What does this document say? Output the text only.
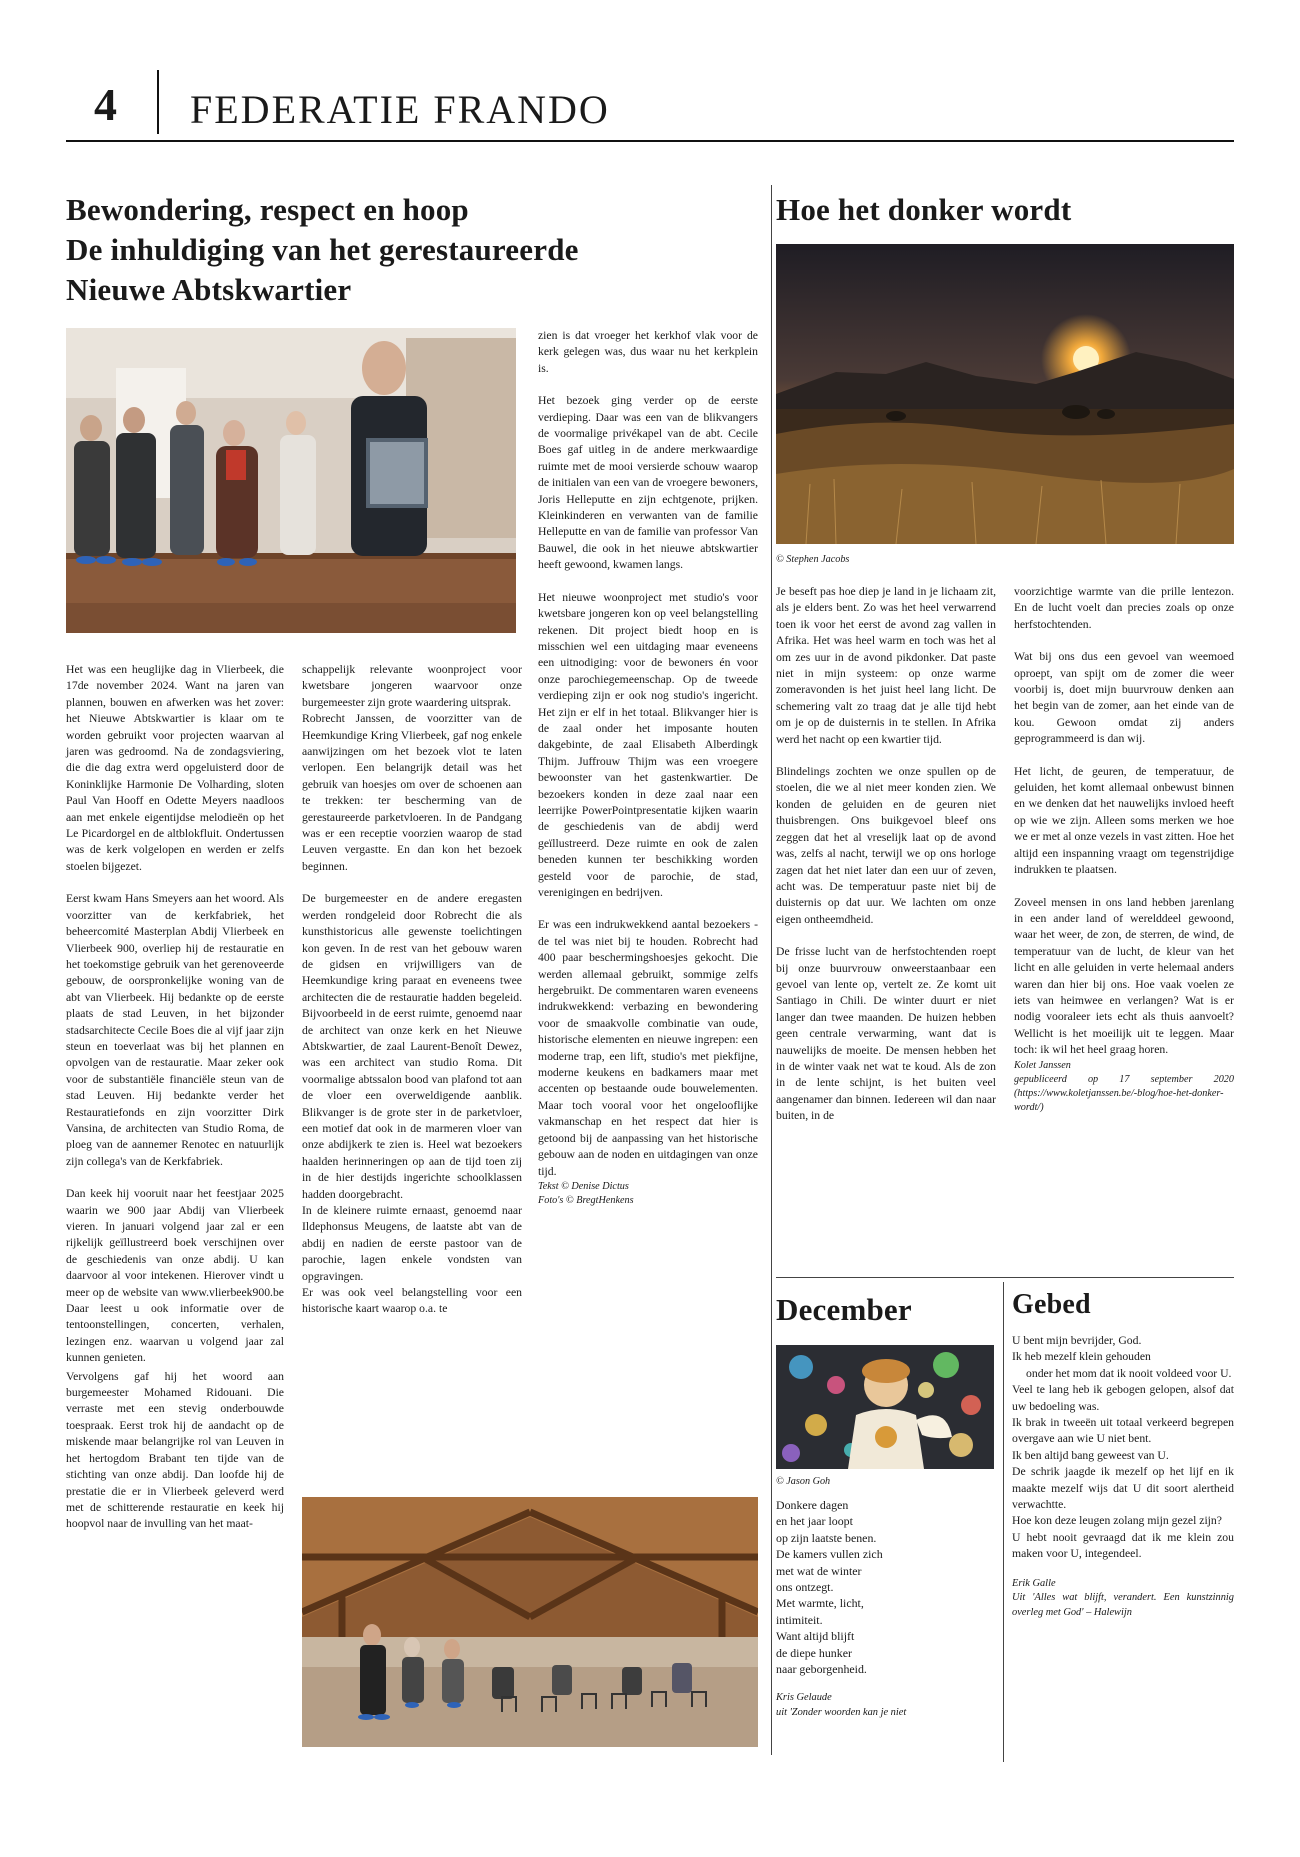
4 FEDERATIE FRANDO
Bewondering, respect en hoop
De inhuldiging van het gerestaureerde
Nieuwe Abtskwartier

Het was een heuglijke dag in Vlierbeek, die 17de november 2024. Want na jaren van plannen, bouwen en afwerken was het zover: het Nieuwe Abtskwartier is klaar om te worden gebruikt voor projecten waarvan al jaren was gedroomd. Na de zondagsviering, die die dag extra werd opgeluisterd door de Koninklijke Harmonie De Volharding, sloten Paul Van Hooff en Odette Meyers naadloos aan met enkele eigentijdse melodieën op het Le Picardorgel en de altblokfluit. Ondertussen was de kerk volgelopen en werden er zelfs stoelen bijgezet.

Eerst kwam Hans Smeyers aan het woord. Als voorzitter van de kerkfabriek, het beheercomité Masterplan Abdij Vlierbeek en Vlierbeek 900, overliep hij de restauratie en het toekomstige gebruik van het gerenoveerde gebouw, de oorspronkelijke woning van de abt van Vlierbeek. Hij bedankte op de eerste plaats de stad Leuven, in het bijzonder stadsarchitecte Cecile Boes die al vijf jaar zijn steun en toeverlaat was bij het plannen en opvolgen van de restauratie. Maar zeker ook voor de substantiële financiële steun van de stad Leuven. Hij bedankte verder het Restauratiefonds en zijn voorzitter Dirk Vansina, de architecten van Studio Roma, de ploeg van de aannemer Renotec en natuurlijk zijn collega's van de Kerkfabriek.

Dan keek hij vooruit naar het feestjaar 2025 waarin we 900 jaar Abdij van Vlierbeek vieren. In januari volgend jaar zal er een rijkelijk geïllustreerd boek verschijnen over de geschiedenis van onze abdij. U kan daarvoor al voor intekenen. Hierover vindt u meer op de website van www.vlierbeek900.be Daar leest u ook informatie over de tentoonstellingen, concerten, verhalen, lezingen enz. waarvan u volgend jaar zal kunnen genieten.

Vervolgens gaf hij het woord aan burgemeester Mohamed Ridouani. Die verraste met een stevig onderbouwde toespraak. Eerst trok hij de aandacht op de miskende maar belangrijke rol van Leuven in het hertogdom Brabant ten tijde van de stichting van onze abdij. Dan loofde hij de prestatie die er in Vlierbeek geleverd werd met de schitterende restauratie en keek hij hoopvol naar de invulling van het maat-

schappelijk relevante woonproject voor kwetsbare jongeren waarvoor onze burgemeester zijn grote waardering uitsprak.

Robrecht Janssen, de voorzitter van de Heemkundige Kring Vlierbeek, gaf nog enkele aanwijzingen om het bezoek vlot te laten verlopen. Een belangrijk detail was het gebruik van hoesjes om over de schoenen aan te trekken: ter bescherming van de gerestaureerde parketvloeren. In de Pandgang was er een receptie voorzien waarop de stad Leuven vergastte. En dan kon het bezoek beginnen.

De burgemeester en de andere eregasten werden rondgeleid door Robrecht die als kunsthistoricus alle gewenste toelichtingen kon geven. In de rest van het gebouw waren de gidsen en vrijwilligers van de Heemkundige kring paraat en eveneens twee architecten die de restauratie hadden begeleid. Bijvoorbeeld in de eerst ruimte, genoemd naar de architect van onze kerk en het Nieuwe Abtskwartier, de zaal Laurent-Benoît Dewez, was een architect van studio Roma. Dit voormalige abtssalon bood van plafond tot aan de vloer een overweldigende aanblik. Blikvanger is de grote ster in de parketvloer, een motief dat ook in de marmeren vloer van onze abdijkerk te zien is. Heel wat bezoekers haalden herinneringen op aan de tijd toen zij in de hier destijds ingerichte schoolklassen hadden doorgebracht.

In de kleinere ruimte ernaast, genoemd naar Ildephonsus Meugens, de laatste abt van de abdij en nadien de eerste pastoor van de parochie, lagen enkele vondsten van opgravingen.

Er was ook veel belangstelling voor een historische kaart waarop o.a. te

zien is dat vroeger het kerkhof vlak voor de kerk gelegen was, dus waar nu het kerkplein is.

Het bezoek ging verder op de eerste verdieping. Daar was een van de blikvangers de voormalige privékapel van de abt. Cecile Boes gaf uitleg in de andere merkwaardige ruimte met de mooi versierde schouw waarop de initialen van een van de vroegere bewoners, Joris Helleputte en zijn echtgenote, prijken. Kleinkinderen en verwanten van de familie Helleputte en van de familie van professor Van Bauwel, die ook in het nieuwe abtskwartier heeft gewoond, kwamen langs.

Het nieuwe woonproject met studio's voor kwetsbare jongeren kon op veel belangstelling rekenen. Dit project biedt hoop en is misschien wel een uitdaging maar eveneens een uitnodiging: voor de bewoners én voor onze parochiegemeenschap. Op de tweede verdieping zijn er ook nog studio's ingericht. Het zijn er elf in het totaal. Blikvanger hier is de zaal onder het imposante houten dakgebinte, de zaal Elisabeth Alberdingk Thijm. Juffrouw Thijm was een vroegere bewoonster van het gastenkwartier. De bezoekers konden in deze zaal naar een leerrijke PowerPointpresentatie kijken waarin de geschiedenis van de abdij werd geïllustreerd. Deze ruimte en ook de zalen beneden kunnen ter beschikking worden gesteld voor de parochie, de stad, verenigingen en bedrijven.

Er was een indrukwekkend aantal bezoekers - de tel was niet bij te houden. Robrecht had 400 paar beschermingshoesjes gekocht. Die werden allemaal gebruikt, sommige zelfs hergebruikt. De commentaren waren eveneens indrukwekkend: verbazing en bewondering voor de smaakvolle combinatie van oude, historische elementen en nieuwe ingrepen: een moderne trap, een lift, studio's met piekfijne, moderne keukens en badkamers maar met accenten op bestaande oude bouwelementen. Maar toch vooral voor het ongelooflijke vakmanschap en het respect dat hier is getoond bij de aanpassing van het historische gebouw aan de noden en uitdagingen van onze tijd.

Tekst © Denise Dictus
Foto's © BregtHenkens
Hoe het donker wordt
© Stephen Jacobs

Je beseft pas hoe diep je land in je lichaam zit, als je elders bent. Zo was het heel verwarrend toen ik voor het eerst de avond zag vallen in Afrika. Het was heel warm en toch was het al om zes uur in de avond pikdonker. Dat paste niet in mijn systeem: op onze warme zomeravonden is het juist heel lang licht. De schemering valt zo traag dat je alle tijd hebt om je op de duisternis in te stellen. In Afrika werd het nacht op een kwartier tijd.

Blindelings zochten we onze spullen op de stoelen, die we al niet meer konden zien. We konden de geluiden en de geuren niet thuisbrengen. Ons buikgevoel bleef ons zeggen dat het al vreselijk laat op de avond was, zelfs al nacht, terwijl we op ons horloge zagen dat het niet later dan een uur of zeven, acht was. De temperatuur paste niet bij de duisternis op dat uur. We lachten om onze eigen ontheemdheid.

De frisse lucht van de herfstochtenden roept bij onze buurvrouw onweerstaanbaar een gevoel van lente op, vertelt ze. Ze komt uit Santiago in Chili. De winter duurt er niet langer dan twee maanden. De huizen hebben geen centrale verwarming, want dat is nauwelijks de moeite. De mensen hebben het in de winter vaak net wat te koud. Als de zon in de lente schijnt, is het buiten veel aangenamer dan binnen. Iedereen wil dan naar buiten, in de

voorzichtige warmte van die prille lentezon. En de lucht voelt dan precies zoals op onze herfstochtenden.

Wat bij ons dus een gevoel van weemoed oproept, van spijt om de zomer die weer voorbij is, doet mijn buurvrouw denken aan het begin van de zomer, aan het einde van de kou. Gewoon omdat zij anders geprogrammeerd is dan wij.

Het licht, de geuren, de temperatuur, de geluiden, het komt allemaal onbewust binnen en we denken dat het nauwelijks invloed heeft op wie we zijn. Alleen soms merken we hoe we er met al onze vezels in vast zitten. Hoe het altijd een inspanning vraagt om tegenstrijdige indrukken te plaatsen.

Zoveel mensen in ons land hebben jarenlang in een ander land of werelddeel gewoond, waar het weer, de zon, de sterren, de wind, de temperatuur van de lucht, de kleur van het licht en alle geluiden in verte helemaal anders waren dan hier bij ons. Hoe vaak voelen ze iets van heimwee en verlangen? Wat is er nodig vooraleer iets echt als thuis aanvoelt? Wellicht is het moeilijk uit te leggen. Maar toch: ik wil het heel graag horen.

Kolet Janssen
gepubliceerd op 17 september 2020 (https://www.koletjanssen.be/-blog/hoe-het-donker-wordt/)
December
© Jason Goh
Donkere dagen
en het jaar loopt
op zijn laatste benen.
De kamers vullen zich
met wat de winter
ons ontzegt.
Met warmte, licht,
intimiteit.
Want altijd blijft
de diepe hunker
naar geborgenheid.
Kris Gelaude
uit 'Zonder woorden kan je niet
Gebed
U bent mijn bevrijder, God.
Ik heb mezelf klein gehouden
onder het mom dat ik nooit voldeed voor U.
Veel te lang heb ik gebogen gelopen, alsof dat uw bedoeling was.
Ik brak in tweeën uit totaal verkeerd begrepen overgave aan wie U niet bent.
Ik ben altijd bang geweest van U.
De schrik jaagde ik mezelf op het lijf en ik maakte mezelf wijs dat U dit soort alertheid verwachtte.
Hoe kon deze leugen zolang mijn gezel zijn?
U hebt nooit gevraagd dat ik me klein zou maken voor U, integendeel.
Erik Galle
Uit 'Alles wat blijft, verandert. Een kunstzinnig overleg met God' – Halewijn
